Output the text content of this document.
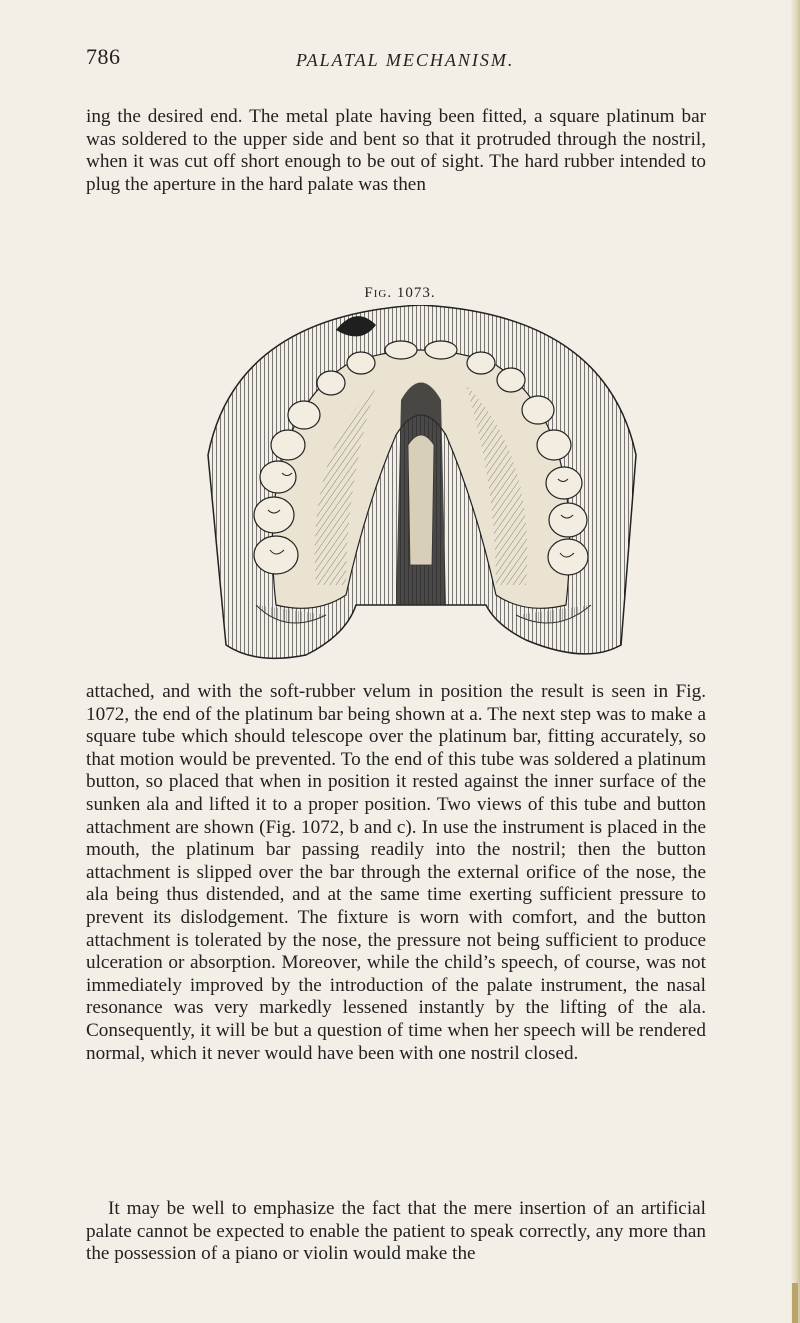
786	PALATAL MECHANISM.

ing the desired end. The metal plate having been fitted, a square platinum bar was soldered to the upper side and bent so that it protruded through the nostril, when it was cut off short enough to be out of sight. The hard rubber intended to plug the aperture in the hard palate was then

Fig. 1073.

attached, and with the soft-rubber velum in position the result is seen in Fig. 1072, the end of the platinum bar being shown at a. The next step was to make a square tube which should telescope over the platinum bar, fitting accurately, so that motion would be prevented. To the end of this tube was soldered a platinum button, so placed that when in position it rested against the inner surface of the sunken ala and lifted it to a proper position. Two views of this tube and button attachment are shown (Fig. 1072, b and c). In use the instrument is placed in the mouth, the platinum bar passing readily into the nostril; then the button attachment is slipped over the bar through the external orifice of the nose, the ala being thus distended, and at the same time exerting sufficient pressure to prevent its dislodgement. The fixture is worn with comfort, and the button attachment is tolerated by the nose, the pressure not being sufficient to produce ulceration or absorption. Moreover, while the child’s speech, of course, was not immediately improved by the introduction of the palate instrument, the nasal resonance was very markedly lessened instantly by the lifting of the ala. Consequently, it will be but a question of time when her speech will be rendered normal, which it never would have been with one nostril closed.

It may be well to emphasize the fact that the mere insertion of an artificial palate cannot be expected to enable the patient to speak correctly, any more than the possession of a piano or violin would make the
